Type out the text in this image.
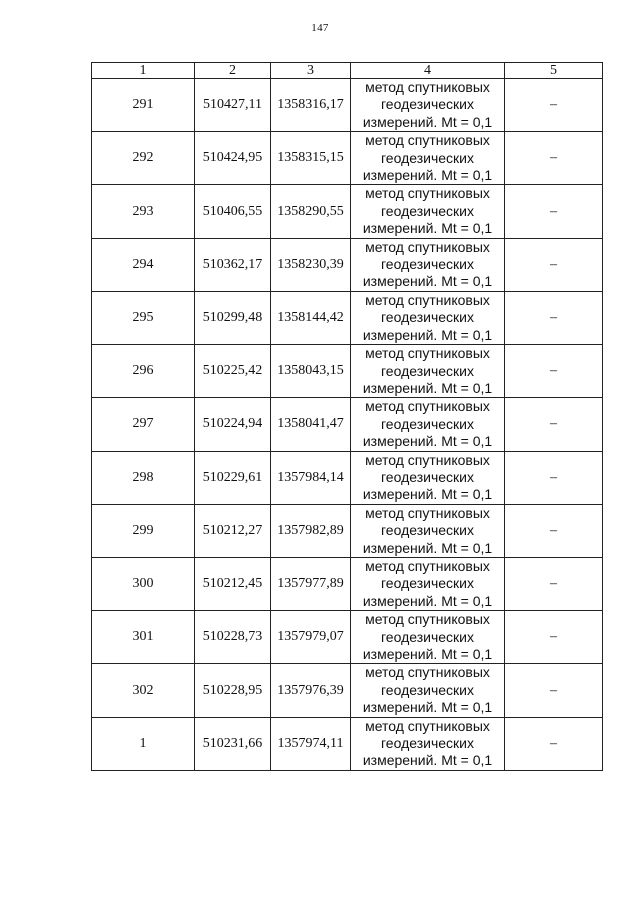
147
1	2	3	4	5
291	510427,11	1358316,17	метод спутниковых
геодезических
измерений. Mt = 0,1	–
292	510424,95	1358315,15	метод спутниковых
геодезических
измерений. Mt = 0,1	–
293	510406,55	1358290,55	метод спутниковых
геодезических
измерений. Mt = 0,1	–
294	510362,17	1358230,39	метод спутниковых
геодезических
измерений. Mt = 0,1	–
295	510299,48	1358144,42	метод спутниковых
геодезических
измерений. Mt = 0,1	–
296	510225,42	1358043,15	метод спутниковых
геодезических
измерений. Mt = 0,1	–
297	510224,94	1358041,47	метод спутниковых
геодезических
измерений. Mt = 0,1	–
298	510229,61	1357984,14	метод спутниковых
геодезических
измерений. Mt = 0,1	–
299	510212,27	1357982,89	метод спутниковых
геодезических
измерений. Mt = 0,1	–
300	510212,45	1357977,89	метод спутниковых
геодезических
измерений. Mt = 0,1	–
301	510228,73	1357979,07	метод спутниковых
геодезических
измерений. Mt = 0,1	–
302	510228,95	1357976,39	метод спутниковых
геодезических
измерений. Mt = 0,1	–
1	510231,66	1357974,11	метод спутниковых
геодезических
измерений. Mt = 0,1	–
